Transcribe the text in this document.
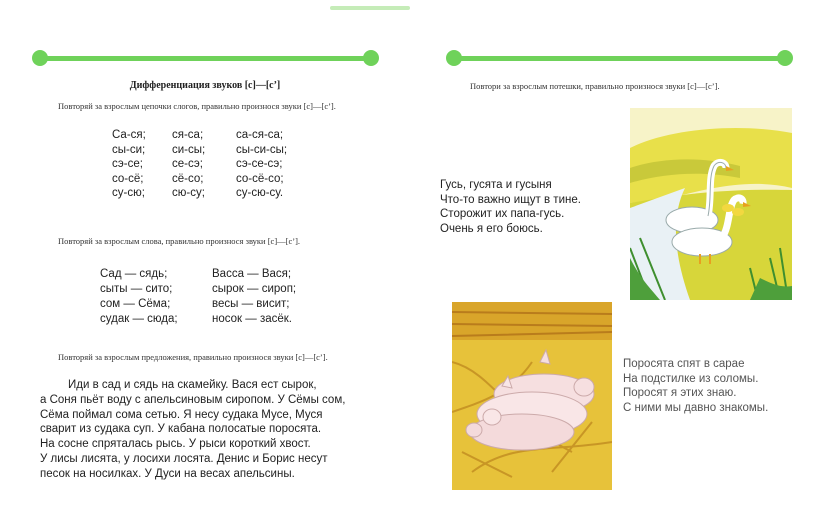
Дифференциация звуков [с]—[с’]
Повторяй за взрослым цепочки слогов, правильно произнося звуки [с]—[с’].
Са-ся;
сы-си;
сэ-се;
со-сё;
су-сю;
ся-са;
си-сы;
се-сэ;
сё-со;
сю-су;
са-ся-са;
сы-си-сы;
сэ-се-сэ;
со-сё-со;
су-сю-су.
Повторяй за взрослым слова, правильно произнося звуки [с]—[с’].
Сад — сядь;
сыты — сито;
сом — Сёма;
судак — сюда;
Васса — Вася;
сырок — сироп;
весы — висит;
носок — засёк.
Повторяй за взрослым предложения, правильно произнося звуки [с]—[с’].
Иди в сад и сядь на скамейку. Вася ест сырок,
а Соня пьёт воду с апельсиновым сиропом. У Сёмы сом,
Сёма поймал сома сетью. Я несу судака Мусе, Муся
сварит из судака суп. У кабана полосатые поросята.
На сосне спряталась рысь. У рыси короткий хвост.
У лисы лисята, у лосихи лосята. Денис и Борис несут
песок на носилках. У Дуси на весах апельсины.
Повтори за взрослым потешки, правильно произнося звуки [с]—[с’].
Гусь, гусята и гусыня
Что-то важно ищут в тине.
Сторожит их папа-гусь.
Очень я его боюсь.
Поросята спят в сарае
На подстилке из соломы.
Поросят я этих знаю.
С ними мы давно знакомы.
